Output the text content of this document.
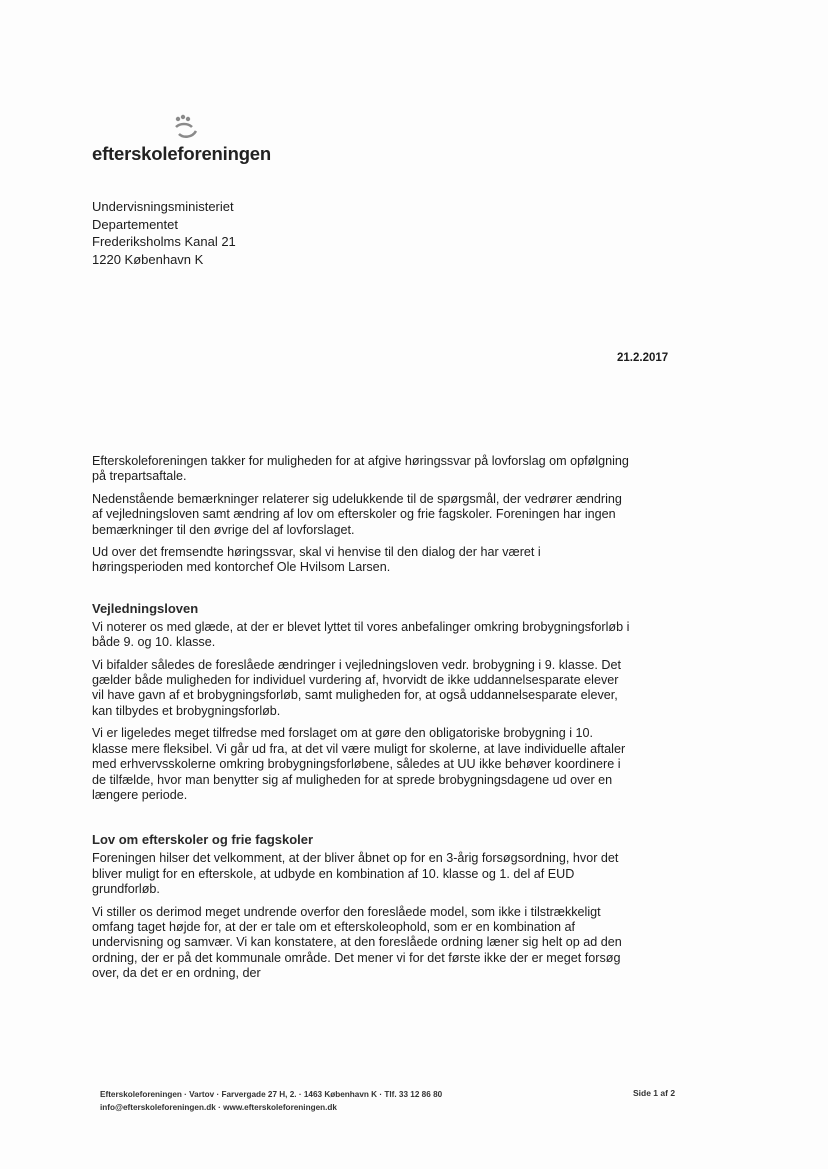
efterskoleforeningen
Undervisningsministeriet
Departementet
Frederiksholms Kanal 21
1220 København K
21.2.2017

Efterskoleforeningen takker for muligheden for at afgive høringssvar på lovforslag om opfølgning på trepartsaftale.

Nedenstående bemærkninger relaterer sig udelukkende til de spørgsmål, der vedrører ændring af vejledningsloven samt ændring af lov om efterskoler og frie fagskoler. Foreningen har ingen bemærkninger til den øvrige del af lovforslaget.

Ud over det fremsendte høringssvar, skal vi henvise til den dialog der har været i høringsperioden med kontorchef Ole Hvilsom Larsen.

Vejledningsloven

Vi noterer os med glæde, at der er blevet lyttet til vores anbefalinger omkring brobygningsforløb i både 9. og 10. klasse.

Vi bifalder således de foreslåede ændringer i vejledningsloven vedr. brobygning i 9. klasse. Det gælder både muligheden for individuel vurdering af, hvorvidt de ikke uddannelsesparate elever vil have gavn af et brobygningsforløb, samt muligheden for, at også uddannelsesparate elever, kan tilbydes et brobygningsforløb.

Vi er ligeledes meget tilfredse med forslaget om at gøre den obligatoriske brobygning i 10. klasse mere fleksibel. Vi går ud fra, at det vil være muligt for skolerne, at lave individuelle aftaler med erhvervsskolerne omkring brobygningsforløbene, således at UU ikke behøver koordinere i de tilfælde, hvor man benytter sig af muligheden for at sprede brobygningsdagene ud over en længere periode.

Lov om efterskoler og frie fagskoler

Foreningen hilser det velkomment, at der bliver åbnet op for en 3-årig forsøgsordning, hvor det bliver muligt for en efterskole, at udbyde en kombination af 10. klasse og 1. del af EUD grundforløb.

Vi stiller os derimod meget undrende overfor den foreslåede model, som ikke i tilstrækkeligt omfang taget højde for, at der er tale om et efterskoleophold, som er en kombination af undervisning og samvær. Vi kan konstatere, at den foreslåede ordning læner sig helt op ad den ordning, der er på det kommunale område. Det mener vi for det første ikke der er meget forsøg over, da det er en ordning, der

Efterskoleforeningen · Vartov · Farvergade 27 H, 2. · 1463 København K · Tlf. 33 12 86 80
info@efterskoleforeningen.dk · www.efterskoleforeningen.dk
Side 1 af 2
